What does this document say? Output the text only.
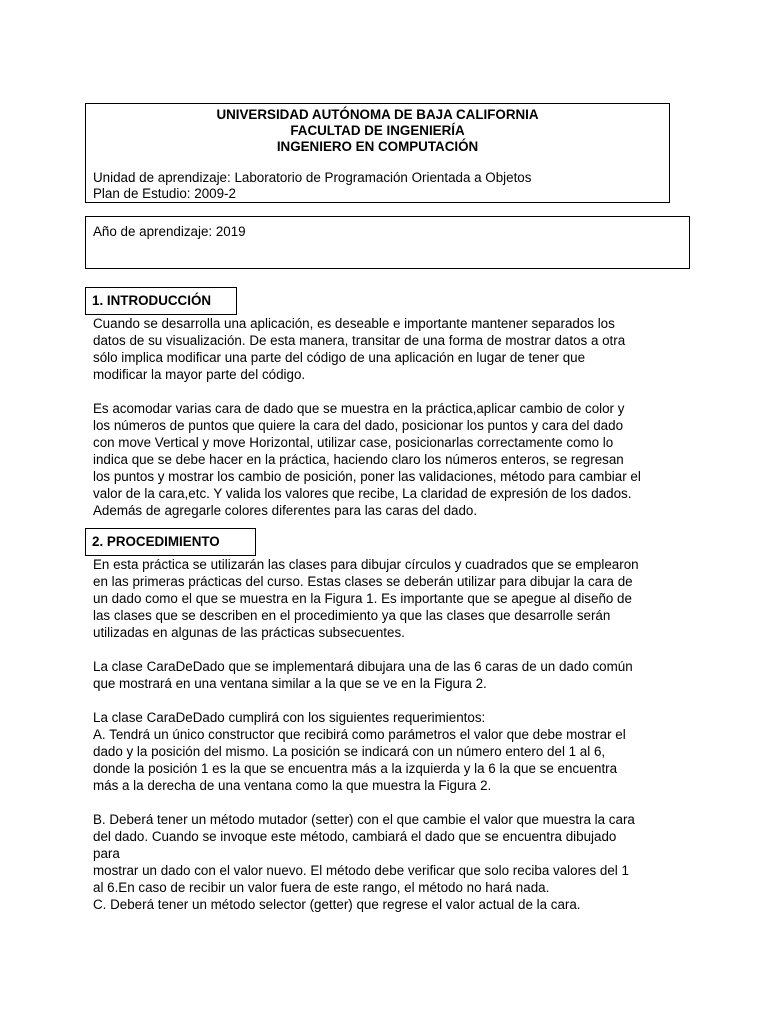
UNIVERSIDAD AUTÓNOMA DE BAJA CALIFORNIA
FACULTAD DE INGENIERÍA
INGENIERO EN COMPUTACIÓN
Unidad de aprendizaje: Laboratorio de Programación Orientada a Objetos
Plan de Estudio: 2009-2
Año de aprendizaje: 2019
1. INTRODUCCIÓN
Cuando se desarrolla una aplicación, es deseable e importante mantener separados los
datos de su visualización. De esta manera, transitar de una forma de mostrar datos a otra
sólo implica modificar una parte del código de una aplicación en lugar de tener que
modificar la mayor parte del código.
Es acomodar varias cara de dado que se muestra en la práctica,aplicar cambio de color y
los números de puntos que quiere la cara del dado, posicionar los puntos y cara del dado
con move Vertical y move Horizontal, utilizar case, posicionarlas correctamente como lo
indica que se debe hacer en la práctica, haciendo claro los números enteros, se regresan
los puntos y mostrar los cambio de posición, poner las validaciones, método para cambiar el
valor de la cara,etc. Y valida los valores que recibe, La claridad de expresión de los dados.
Además de agregarle colores diferentes para las caras del dado.
2. PROCEDIMIENTO
En esta práctica se utilizarán las clases para dibujar círculos y cuadrados que se emplearon
en las primeras prácticas del curso. Estas clases se deberán utilizar para dibujar la cara de
un dado como el que se muestra en la Figura 1. Es importante que se apegue al diseño de
las clases que se describen en el procedimiento ya que las clases que desarrolle serán
utilizadas en algunas de las prácticas subsecuentes.
La clase CaraDeDado que se implementará dibujara una de las 6 caras de un dado común
que mostrará en una ventana similar a la que se ve en la Figura 2.
La clase CaraDeDado cumplirá con los siguientes requerimientos:
A. Tendrá un único constructor que recibirá como parámetros el valor que debe mostrar el
dado y la posición del mismo. La posición se indicará con un número entero del 1 al 6,
donde la posición 1 es la que se encuentra más a la izquierda y la 6 la que se encuentra
más a la derecha de una ventana como la que muestra la Figura 2.
B. Deberá tener un método mutador (setter) con el que cambie el valor que muestra la cara
del dado. Cuando se invoque este método, cambiará el dado que se encuentra dibujado
para
mostrar un dado con el valor nuevo. El método debe verificar que solo reciba valores del 1
al 6.En caso de recibir un valor fuera de este rango, el método no hará nada.
C. Deberá tener un método selector (getter) que regrese el valor actual de la cara.
